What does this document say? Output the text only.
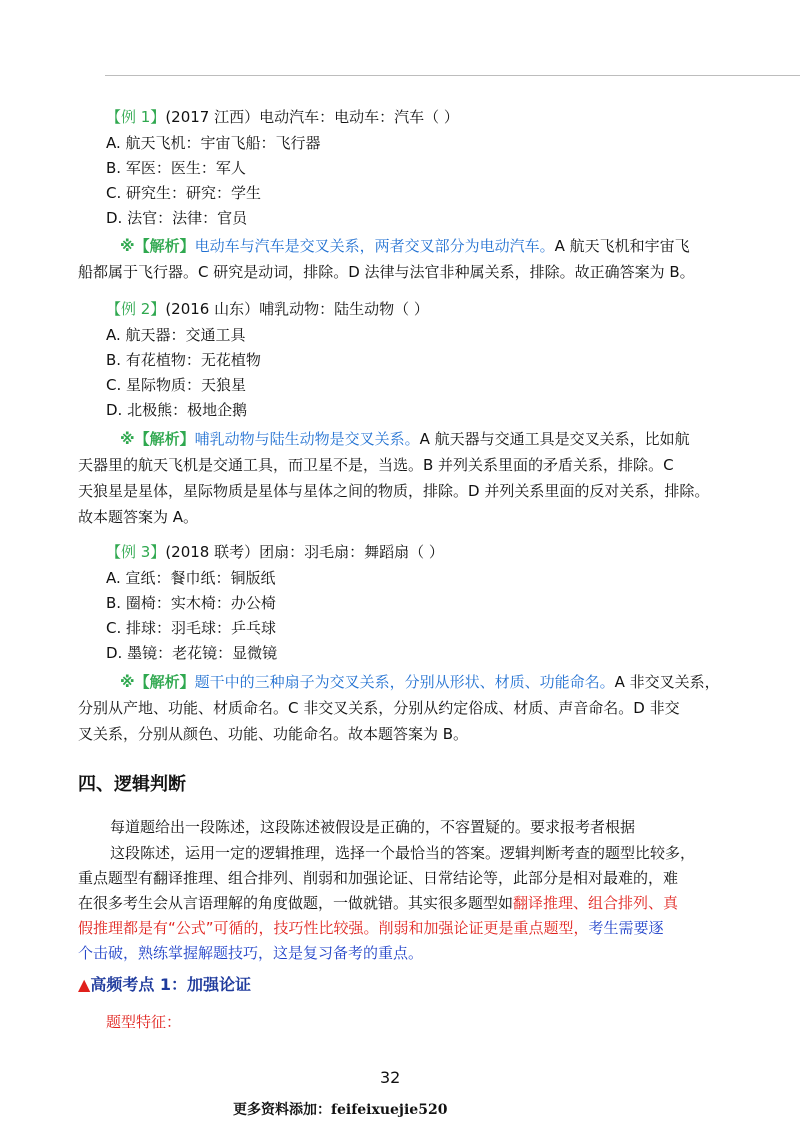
【例 1】(2017 江西）电动汽车：电动车：汽车（ ）
A. 航天飞机：宇宙飞船：飞行器
B. 军医：医生：军人
C. 研究生：研究：学生
D. 法官：法律：官员
※【解析】电动车与汽车是交叉关系，两者交叉部分为电动汽车。A 航天飞机和宇宙飞
船都属于飞行器。C 研究是动词，排除。D 法律与法官非种属关系，排除。故正确答案为 B。
【例 2】(2016 山东）哺乳动物：陆生动物（ ）
A. 航天器：交通工具
B. 有花植物：无花植物
C. 星际物质：天狼星
D. 北极熊：极地企鹅
※【解析】哺乳动物与陆生动物是交叉关系。A 航天器与交通工具是交叉关系，比如航
天器里的航天飞机是交通工具，而卫星不是，当选。B 并列关系里面的矛盾关系，排除。C
天狼星是星体，星际物质是星体与星体之间的物质，排除。D 并列关系里面的反对关系，排除。
故本题答案为 A。
【例 3】(2018 联考）团扇：羽毛扇：舞蹈扇（ ）
A. 宣纸：餐巾纸：铜版纸
B. 圈椅：实木椅：办公椅
C. 排球：羽毛球：乒乓球
D. 墨镜：老花镜：显微镜
※【解析】题干中的三种扇子为交叉关系，分别从形状、材质、功能命名。A 非交叉关系，
分别从产地、功能、材质命名。C 非交叉关系，分别从约定俗成、材质、声音命名。D 非交
叉关系，分别从颜色、功能、功能命名。故本题答案为 B。
四、逻辑判断
每道题给出一段陈述，这段陈述被假设是正确的，不容置疑的。要求报考者根据
这段陈述，运用一定的逻辑推理，选择一个最恰当的答案。逻辑判断考查的题型比较多，
重点题型有翻译推理、组合排列、削弱和加强论证、日常结论等，此部分是相对最难的，难
在很多考生会从言语理解的角度做题，一做就错。其实很多题型如翻译推理、组合排列、真
假推理都是有“公式”可循的，技巧性比较强。削弱和加强论证更是重点题型，考生需要逐
个击破，熟练掌握解题技巧，这是复习备考的重点。
▲高频考点 1：加强论证
题型特征：
32
更多资料添加：feifeixuejie520
